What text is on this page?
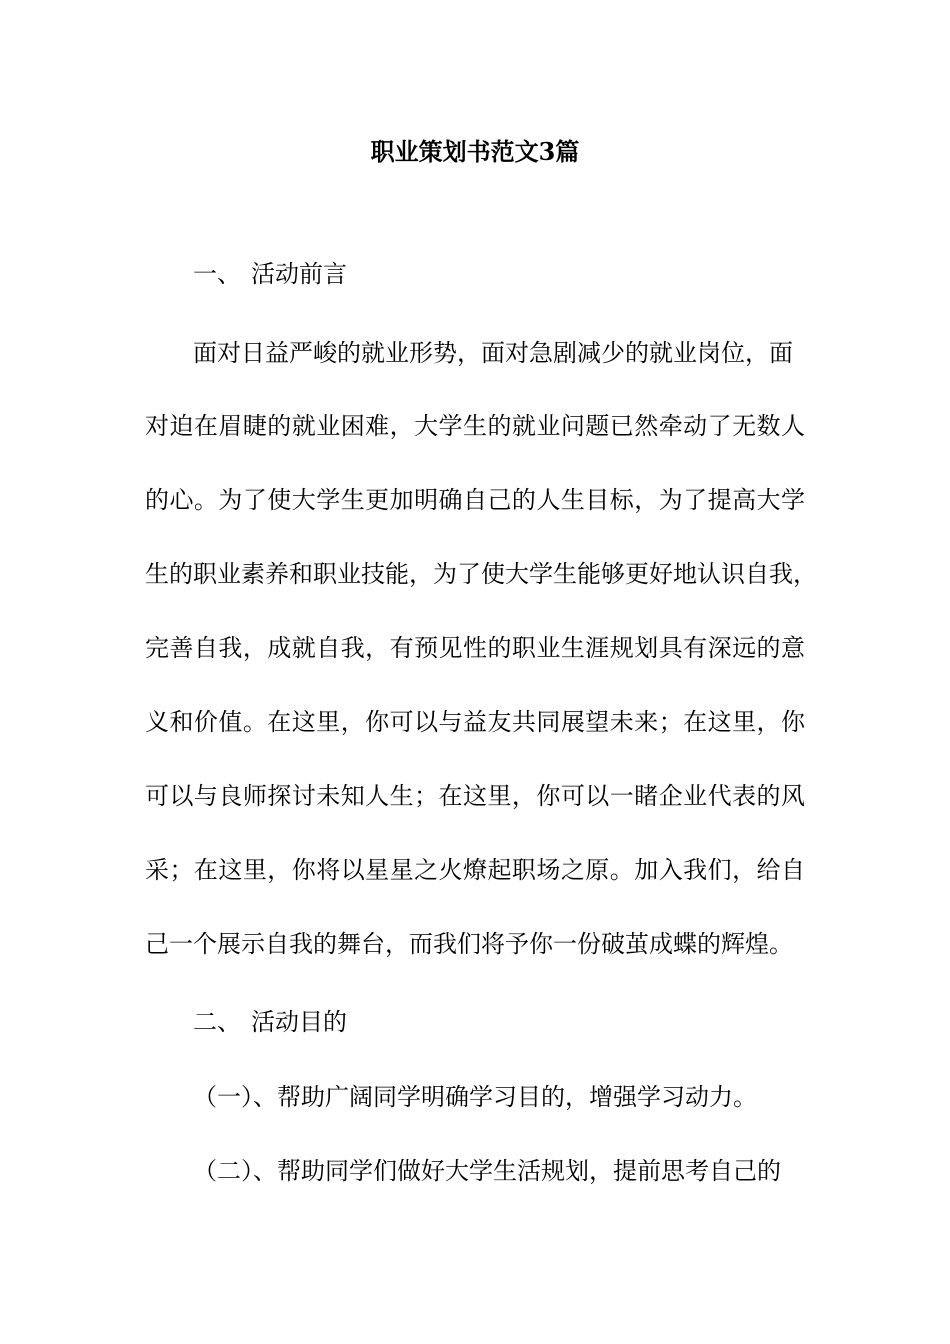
职业策划书范文3篇

一、 活动前言

面对日益严峻的就业形势，面对急剧减少的就业岗位，面

对迫在眉睫的就业困难，大学生的就业问题已然牵动了无数人

的心。为了使大学生更加明确自己的人生目标，为了提高大学

生的职业素养和职业技能，为了使大学生能够更好地认识自我，

完善自我，成就自我，有预见性的职业生涯规划具有深远的意

义和价值。在这里，你可以与益友共同展望未来；在这里，你

可以与良师探讨未知人生；在这里，你可以一睹企业代表的风

采；在这里，你将以星星之火燎起职场之原。加入我们，给自

己一个展示自我的舞台，而我们将予你一份破茧成蝶的辉煌。

二、 活动目的

（一）、帮助广阔同学明确学习目的，增强学习动力。

（二）、帮助同学们做好大学生活规划，提前思考自己的
